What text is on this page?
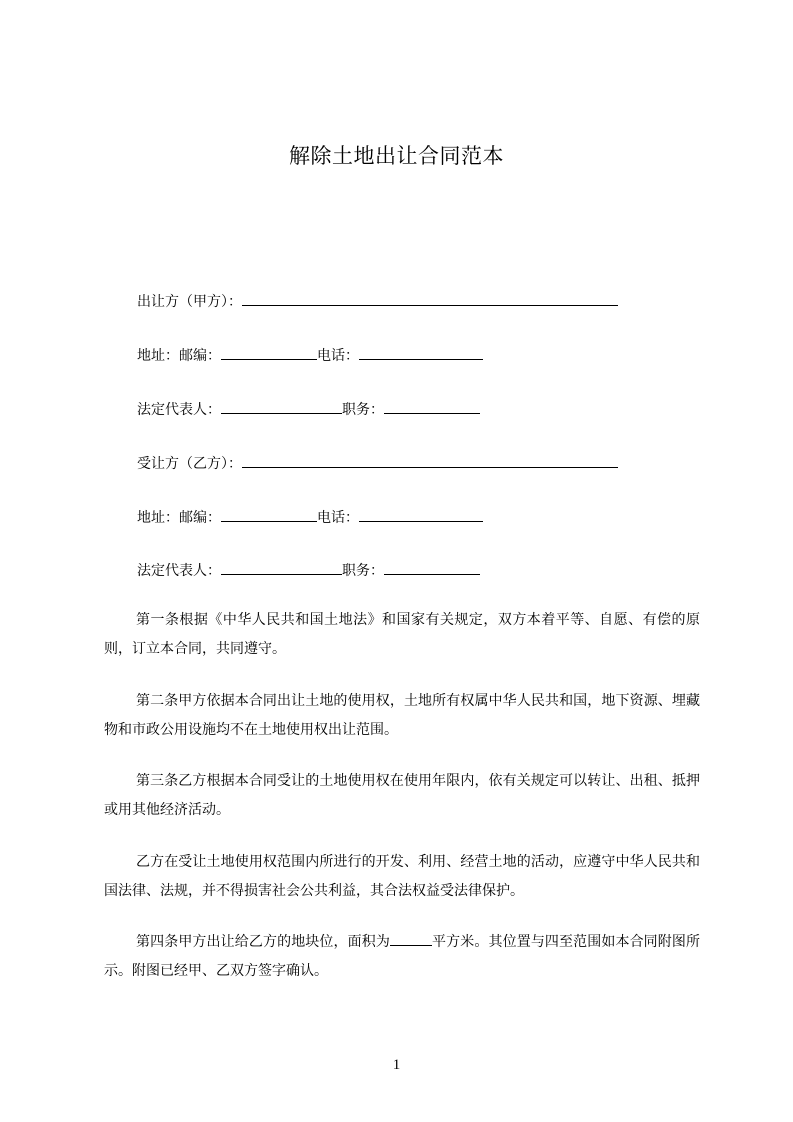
解除土地出让合同范本
出让方（甲方）：
地址：邮编：	电话：
法定代表人：	职务：
受让方（乙方）：
地址：邮编：	电话：
法定代表人：	职务：
第一条根据《中华人民共和国土地法》和国家有关规定，双方本着平等、自愿、有偿的原则，订立本合同，共同遵守。
第二条甲方依据本合同出让土地的使用权，土地所有权属中华人民共和国，地下资源、埋藏物和市政公用设施均不在土地使用权出让范围。
第三条乙方根据本合同受让的土地使用权在使用年限内，依有关规定可以转让、出租、抵押或用其他经济活动。
乙方在受让土地使用权范围内所进行的开发、利用、经营土地的活动，应遵守中华人民共和国法律、法规，并不得损害社会公共利益，其合法权益受法律保护。
第四条甲方出让给乙方的地块位，面积为	平方米。其位置与四至范围如本合同附图所示。附图已经甲、乙双方签字确认。
1
